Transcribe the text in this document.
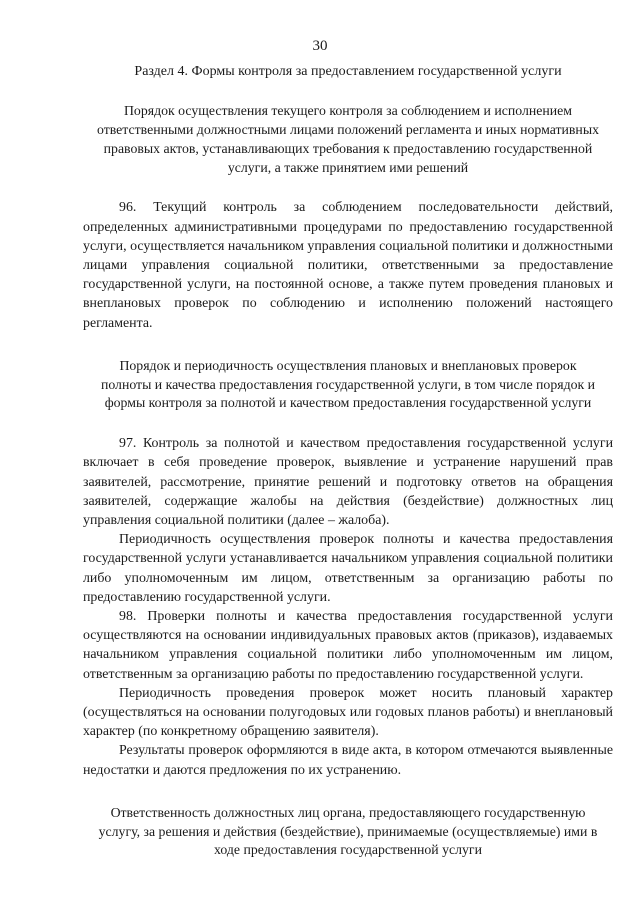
30
Раздел 4. Формы контроля за предоставлением государственной услуги
Порядок осуществления текущего контроля за соблюдением и исполнением ответственными должностными лицами положений регламента и иных нормативных правовых актов, устанавливающих требования к предоставлению государственной услуги, а также принятием ими решений

96. Текущий контроль за соблюдением последовательности действий, определенных административными процедурами по предоставлению государственной услуги, осуществляется начальником управления социальной политики и должностными лицами управления социальной политики, ответственными за предоставление государственной услуги, на постоянной основе, а также путем проведения плановых и внеплановых проверок по соблюдению и исполнению положений настоящего регламента.

Порядок и периодичность осуществления плановых и внеплановых проверок полноты и качества предоставления государственной услуги, в том числе порядок и формы контроля за полнотой и качеством предоставления государственной услуги

97. Контроль за полнотой и качеством предоставления государственной услуги включает в себя проведение проверок, выявление и устранение нарушений прав заявителей, рассмотрение, принятие решений и подготовку ответов на обращения заявителей, содержащие жалобы на действия (бездействие) должностных лиц управления социальной политики (далее – жалоба).

Периодичность осуществления проверок полноты и качества предоставления государственной услуги устанавливается начальником управления социальной политики либо уполномоченным им лицом, ответственным за организацию работы по предоставлению государственной услуги.

98. Проверки полноты и качества предоставления государственной услуги осуществляются на основании индивидуальных правовых актов (приказов), издаваемых начальником управления социальной политики либо уполномоченным им лицом, ответственным за организацию работы по предоставлению государственной услуги.

Периодичность проведения проверок может носить плановый характер (осуществляться на основании полугодовых или годовых планов работы) и внеплановый характер (по конкретному обращению заявителя).

Результаты проверок оформляются в виде акта, в котором отмечаются выявленные недостатки и даются предложения по их устранению.

Ответственность должностных лиц органа, предоставляющего государственную услугу, за решения и действия (бездействие), принимаемые (осуществляемые) ими в ходе предоставления государственной услуги
